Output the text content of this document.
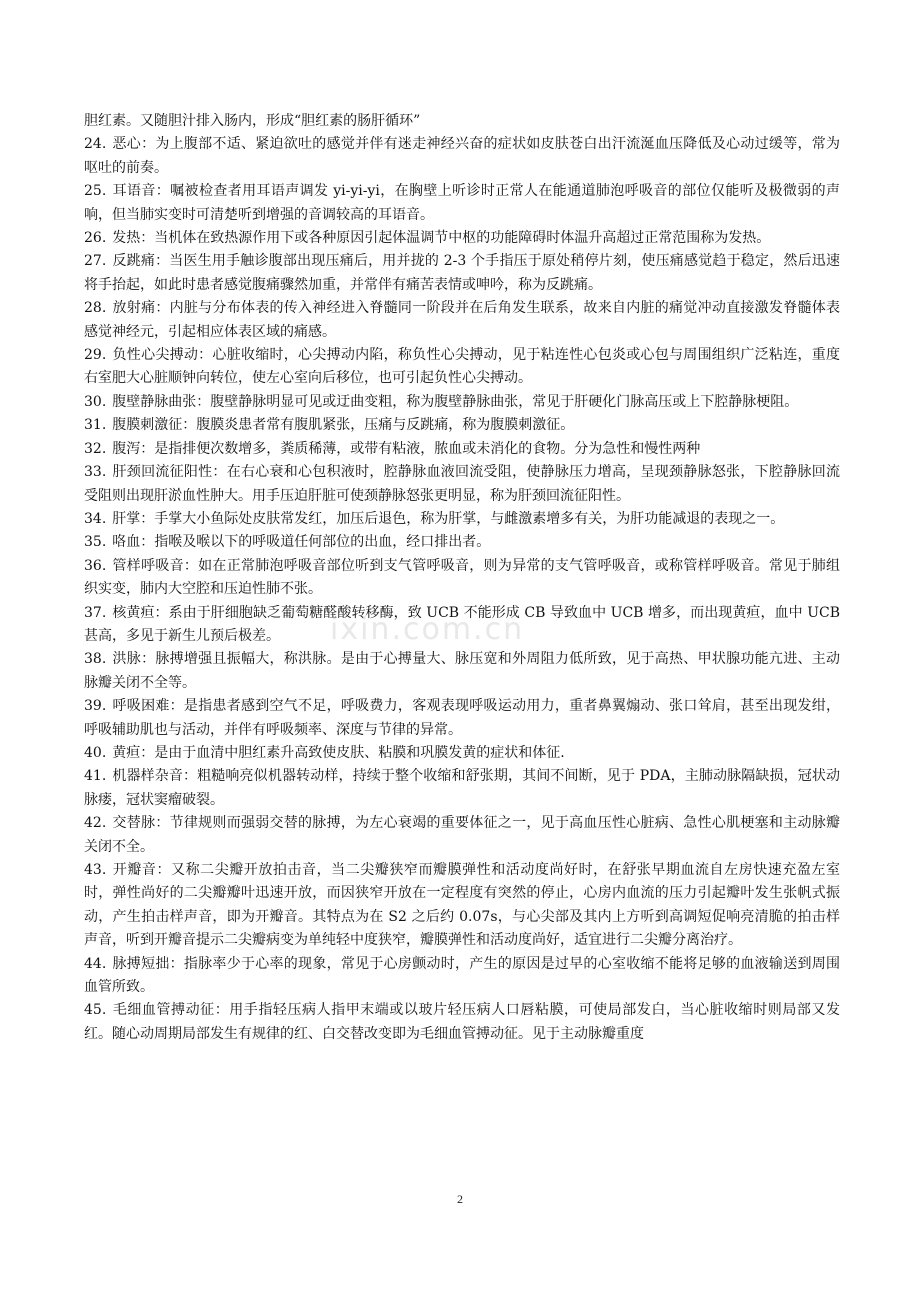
ixin.com.cn

胆红素。又随胆汁排入肠内，形成“胆红素的肠肝循环”

24. 恶心：为上腹部不适、紧迫欲吐的感觉并伴有迷走神经兴奋的症状如皮肤苍白出汗流涎血压降低及心动过缓等，常为呕吐的前奏。

25. 耳语音：嘱被检查者用耳语声调发 yi-yi-yi，在胸壁上听诊时正常人在能通道肺泡呼吸音的部位仅能听及极微弱的声响，但当肺实变时可清楚听到增强的音调较高的耳语音。

26. 发热：当机体在致热源作用下或各种原因引起体温调节中枢的功能障碍时体温升高超过正常范围称为发热。

27. 反跳痛：当医生用手触诊腹部出现压痛后，用并拢的 2-3 个手指压于原处稍停片刻，使压痛感觉趋于稳定，然后迅速将手抬起，如此时患者感觉腹痛骤然加重，并常伴有痛苦表情或呻吟，称为反跳痛。

28. 放射痛：内脏与分布体表的传入神经进入脊髓同一阶段并在后角发生联系，故来自内脏的痛觉冲动直接激发脊髓体表感觉神经元，引起相应体表区域的痛感。

29. 负性心尖搏动：心脏收缩时，心尖搏动内陷，称负性心尖搏动，见于粘连性心包炎或心包与周围组织广泛粘连，重度右室肥大心脏顺钟向转位，使左心室向后移位，也可引起负性心尖搏动。

30. 腹壁静脉曲张：腹壁静脉明显可见或迂曲变粗，称为腹壁静脉曲张，常见于肝硬化门脉高压或上下腔静脉梗阻。

31. 腹膜刺激征：腹膜炎患者常有腹肌紧张，压痛与反跳痛，称为腹膜刺激征。

32. 腹泻：是指排便次数增多，粪质稀薄，或带有粘液，脓血或未消化的食物。分为急性和慢性两种

33. 肝颈回流征阳性：在右心衰和心包积液时，腔静脉血液回流受阻，使静脉压力增高，呈现颈静脉怒张，下腔静脉回流受阻则出现肝淤血性肿大。用手压迫肝脏可使颈静脉怒张更明显，称为肝颈回流征阳性。

34. 肝掌：手掌大小鱼际处皮肤常发红，加压后退色，称为肝掌，与雌激素增多有关，为肝功能减退的表现之一。

35. 咯血：指喉及喉以下的呼吸道任何部位的出血，经口排出者。

36. 管样呼吸音：如在正常肺泡呼吸音部位听到支气管呼吸音，则为异常的支气管呼吸音，或称管样呼吸音。常见于肺组织实变，肺内大空腔和压迫性肺不张。

37. 核黄疸：系由于肝细胞缺乏葡萄糖醛酸转移酶，致 UCB 不能形成 CB 导致血中 UCB 增多，而出现黄疸，血中 UCB 甚高，多见于新生儿预后极差。

38. 洪脉：脉搏增强且振幅大，称洪脉。是由于心搏量大、脉压宽和外周阻力低所致，见于高热、甲状腺功能亢进、主动脉瓣关闭不全等。

39. 呼吸困难：是指患者感到空气不足，呼吸费力，客观表现呼吸运动用力，重者鼻翼煽动、张口耸肩，甚至出现发绀，呼吸辅助肌也与活动，并伴有呼吸频率、深度与节律的异常。

40. 黄疸：是由于血清中胆红素升高致使皮肤、粘膜和巩膜发黄的症状和体征.

41. 机器样杂音：粗糙响亮似机器转动样，持续于整个收缩和舒张期，其间不间断，见于 PDA，主肺动脉隔缺损，冠状动脉瘘，冠状窦瘤破裂。

42. 交替脉：节律规则而强弱交替的脉搏，为左心衰竭的重要体征之一，见于高血压性心脏病、急性心肌梗塞和主动脉瓣关闭不全。

43. 开瓣音：又称二尖瓣开放拍击音，当二尖瓣狭窄而瓣膜弹性和活动度尚好时，在舒张早期血流自左房快速充盈左室时，弹性尚好的二尖瓣瓣叶迅速开放，而因狭窄开放在一定程度有突然的停止，心房内血流的压力引起瓣叶发生张帆式振动，产生拍击样声音，即为开瓣音。其特点为在 S2 之后约 0.07s，与心尖部及其内上方听到高调短促响亮清脆的拍击样声音，听到开瓣音提示二尖瓣病变为单纯轻中度狭窄，瓣膜弹性和活动度尚好，适宜进行二尖瓣分离治疗。

44. 脉搏短拙：指脉率少于心率的现象，常见于心房颤动时，产生的原因是过早的心室收缩不能将足够的血液输送到周围血管所致。

45. 毛细血管搏动征：用手指轻压病人指甲末端或以玻片轻压病人口唇粘膜，可使局部发白，当心脏收缩时则局部又发红。随心动周期局部发生有规律的红、白交替改变即为毛细血管搏动征。见于主动脉瓣重度

2
